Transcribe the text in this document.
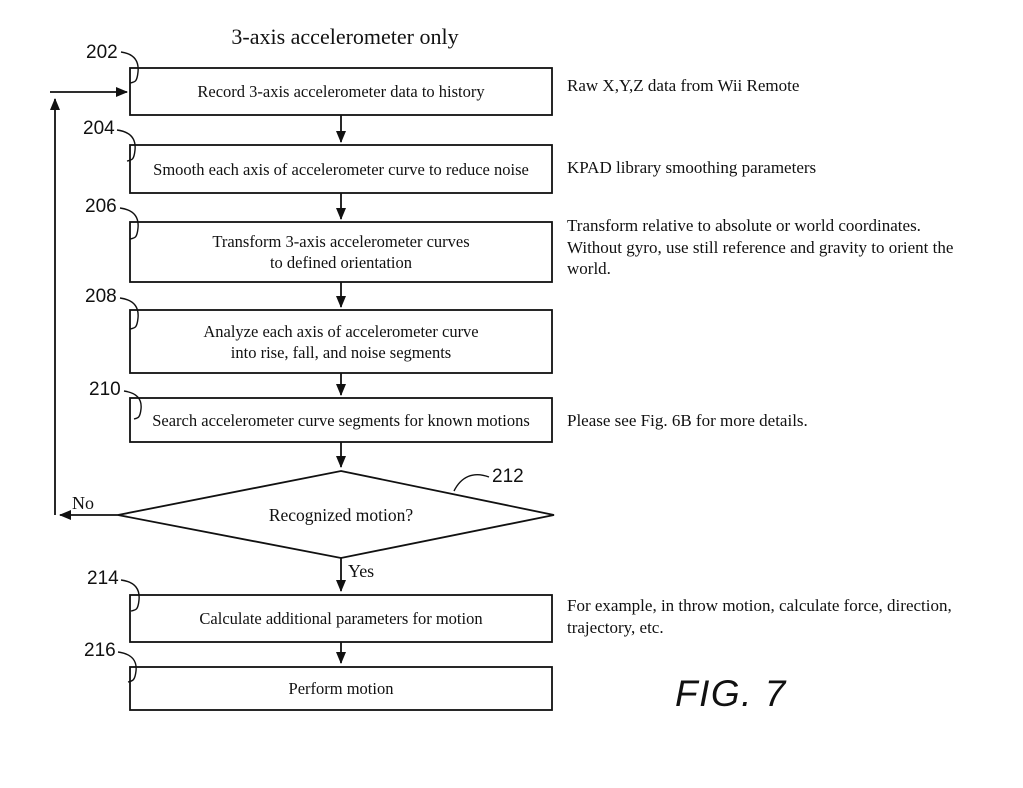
3-axis accelerometer only
Record 3-axis accelerometer data to history
Smooth each axis of accelerometer curve to reduce noise
Transform 3-axis accelerometer curves
to defined orientation
Analyze each axis of accelerometer curve
into rise, fall, and noise segments
Search accelerometer curve segments for known motions
Calculate additional parameters for motion
Perform motion
Recognized motion?
No
Yes
202
204
206
208
210
212
214
216
Raw X,Y,Z data from Wii Remote
KPAD library smoothing parameters
Transform relative to absolute or world coordinates.
Without gyro, use still reference and gravity to orient the
world.
Please see Fig. 6B for more details.
For example, in throw motion, calculate force, direction,
trajectory, etc.
FIG. 7
